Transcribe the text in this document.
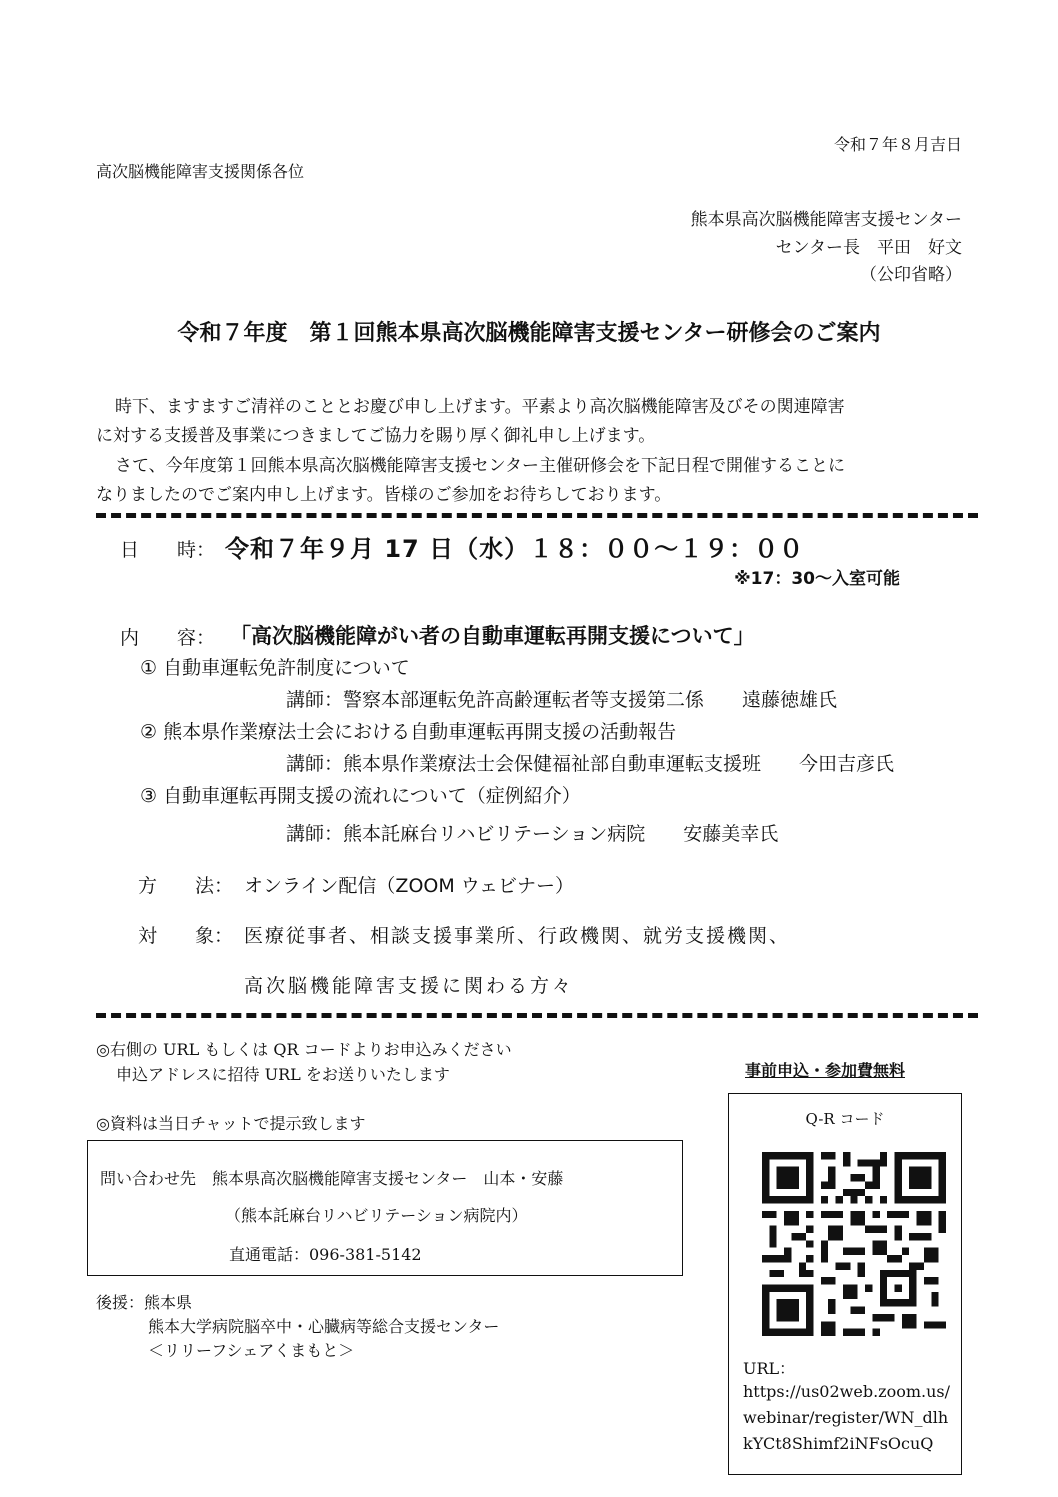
令和７年８月吉日
高次脳機能障害支援関係各位
熊本県高次脳機能障害支援センター
センター長　平田　好文
（公印省略）
令和７年度　第１回熊本県高次脳機能障害支援センター研修会のご案内
時下、ますますご清祥のこととお慶び申し上げます。平素より高次脳機能障害及びその関連障害
に対する支援普及事業につきましてご協力を賜り厚く御礼申し上げます。
さて、今年度第１回熊本県高次脳機能障害支援センター主催研修会を下記日程で開催することに
なりましたのでご案内申し上げます。皆様のご参加をお待ちしております。
日　　時： 令和７年９月 17 日（水）１８：００～１９：００
※17：30～入室可能
内　　容： 「高次脳機能障がい者の自動車運転再開支援について」
① 自動車運転免許制度について
講師：警察本部運転免許高齢運転者等支援第二係　　遠藤徳雄氏
② 熊本県作業療法士会における自動車運転再開支援の活動報告
講師：熊本県作業療法士会保健福祉部自動車運転支援班　　今田吉彦氏
③ 自動車運転再開支援の流れについて（症例紹介）
講師：熊本託麻台リハビリテーション病院　　安藤美幸氏
方　　法： オンライン配信（ZOOM ウェビナー）
対　　象： 医療従事者、相談支援事業所、行政機関、就労支援機関、
高次脳機能障害支援に関わる方々
◎右側の URL もしくは QR コードよりお申込みください
申込アドレスに招待 URL をお送りいたします
◎資料は当日チャットで提示致します
問い合わせ先　熊本県高次脳機能障害支援センター　山本・安藤
（熊本託麻台リハビリテーション病院内）
直通電話：096-381-5142
後援：熊本県
熊本大学病院脳卒中・心臓病等総合支援センター
＜リリーフシェアくまもと＞
事前申込・参加費無料
Q-R コード
URL：
https://us02web.zoom.us/
webinar/register/WN_dlh
kYCt8Shimf2iNFsOcuQ
